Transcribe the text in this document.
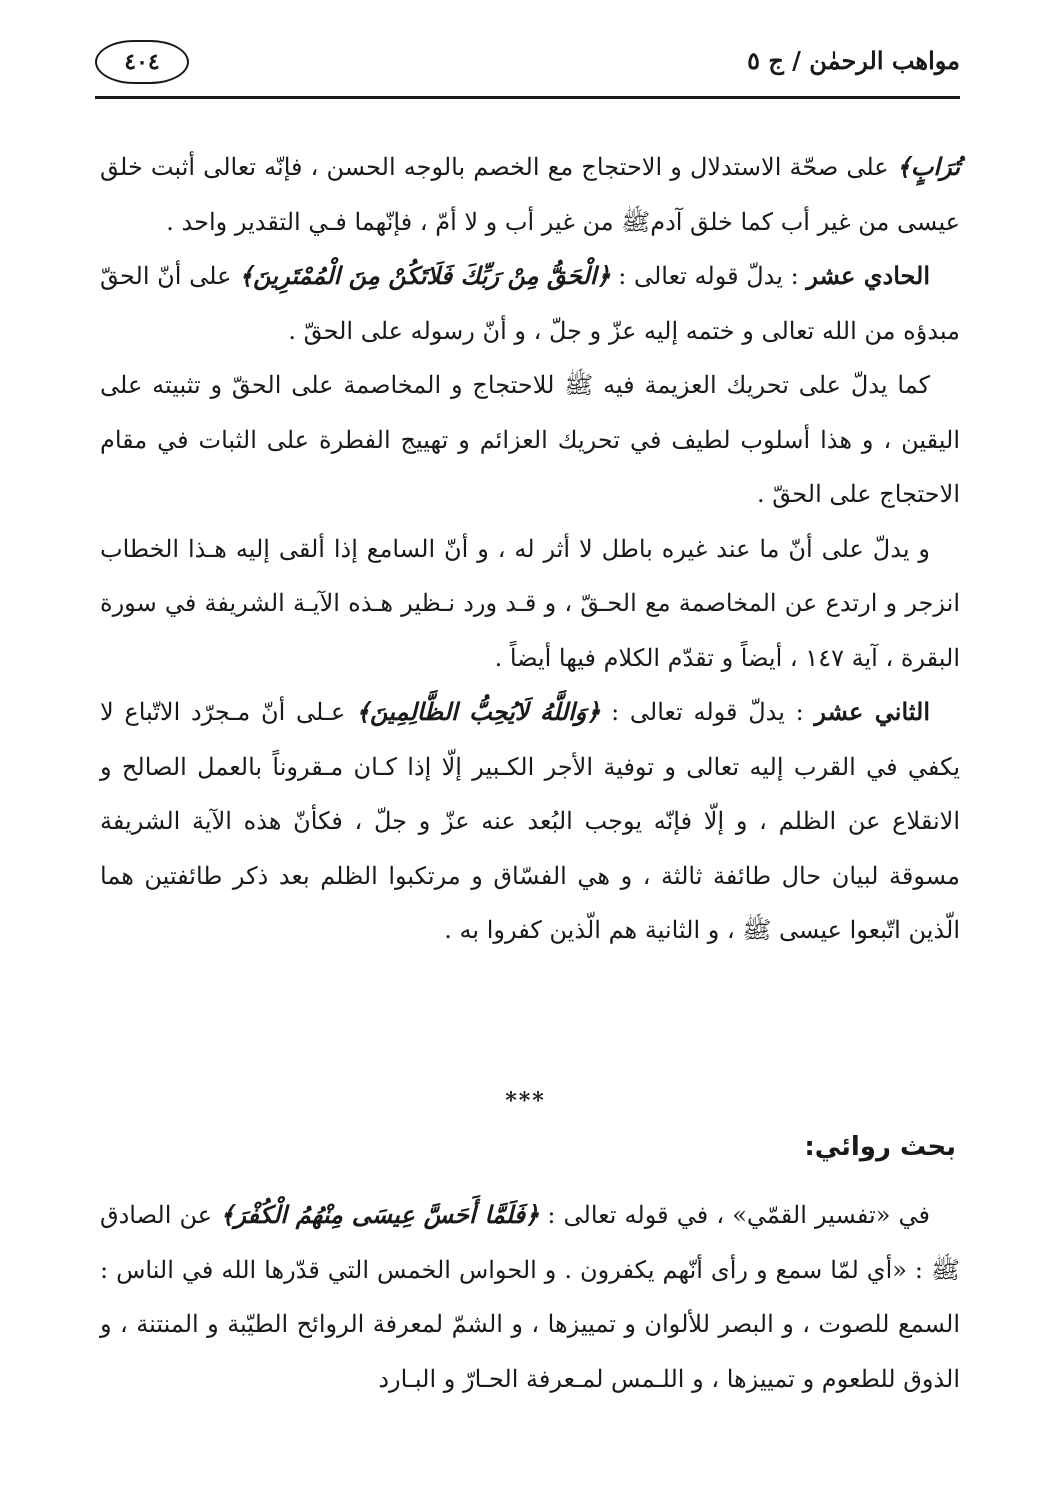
مواهب الرحمٰن / ج ٥
٤٠٤

تُرَابٍ﴾ على صحّة الاستدلال و الاحتجاج مع الخصم بالوجه الحسن ، فإنّه تعالى أثبت خلق عيسى من غير أب كما خلق آدمﷺ من غير أب و لا أمّ ، فإنّهما فـي التقدير واحد .

الحادي عشر : يدلّ قوله تعالى : ﴿الْحَقُّ مِنْ رَبِّكَ فَلَاتَكُنْ مِنَ الْمُمْتَرِينَ﴾ على أنّ الحقّ مبدؤه من الله تعالى و ختمه إليه عزّ و جلّ ، و أنّ رسوله على الحقّ .

كما يدلّ على تحريك العزيمة فيه ﷺ للاحتجاج و المخاصمة على الحقّ و تثبيته على اليقين ، و هذا أسلوب لطيف في تحريك العزائم و تهييج الفطرة على الثبات في مقام الاحتجاج على الحقّ .

و يدلّ على أنّ ما عند غيره باطل لا أثر له ، و أنّ السامع إذا ألقى إليه هـذا الخطاب انزجر و ارتدع عن المخاصمة مع الحـقّ ، و قـد ورد نـظير هـذه الآيـة الشريفة في سورة البقرة ، آية ١٤٧ ، أيضاً و تقدّم الكلام فيها أيضاً .

الثاني عشر : يدلّ قوله تعالى : ﴿وَاللَّهُ لَايُحِبُّ الظَّالِمِينَ﴾ عـلى أنّ مـجرّد الاتّباع لا يكفي في القرب إليه تعالى و توفية الأجر الكـبير إلّا إذا كـان مـقروناً بالعمل الصالح و الانقلاع عن الظلم ، و إلّا فإنّه يوجب البُعد عنه عزّ و جلّ ، فكأنّ هذه الآية الشريفة مسوقة لبيان حال طائفة ثالثة ، و هي الفسّاق و مرتكبوا الظلم بعد ذكر طائفتين هما الّذين اتّبعوا عيسى ﷺ ، و الثانية هم الّذين كفروا به .

***
بحث روائي:

في «تفسير القمّي» ، في قوله تعالى : ﴿فَلَمَّا أَحَسَّ عِيسَى مِنْهُمُ الْكُفْرَ﴾ عن الصادق ﷺ : «أي لمّا سمع و رأى أنّهم يكفرون . و الحواس الخمس التي قدّرها الله في الناس : السمع للصوت ، و البصر للألوان و تمييزها ، و الشمّ لمعرفة الروائح الطيّبة و المنتنة ، و الذوق للطعوم و تمييزها ، و اللـمس لمـعرفة الحـارّ و البـارد
